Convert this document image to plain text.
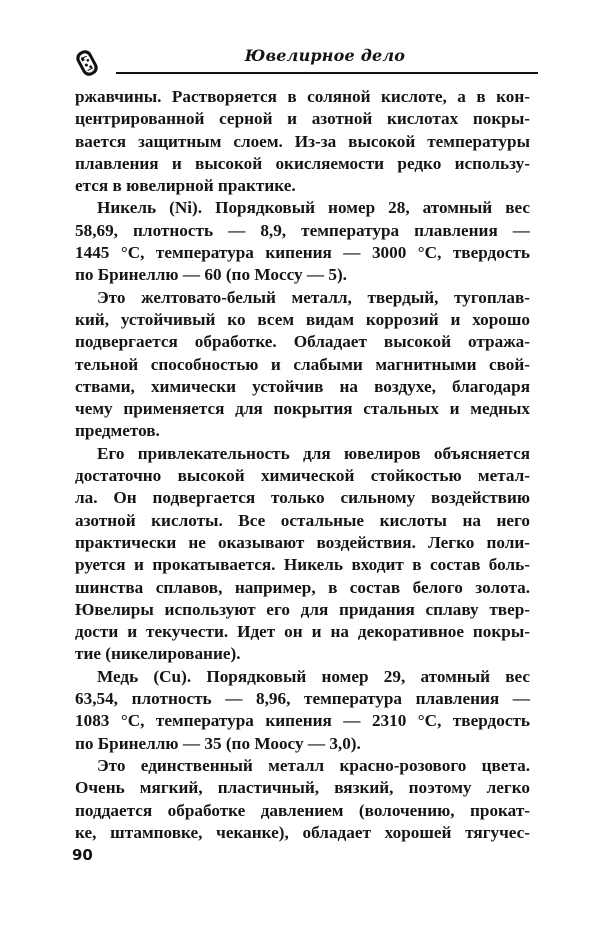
Ювелирное дело

ржавчины. Растворяется в соляной кислоте, а в кон-
центрированной серной и азотной кислотах покры-
вается защитным слоем. Из-за высокой температуры
плавления и высокой окисляемости редко использу-
ется в ювелирной практике.

Никель (Ni). Порядковый номер 28, атомный вес
58,69, плотность — 8,9, температура плавления —
1445 °С, температура кипения — 3000 °С, твердость
по Бринеллю — 60 (по Моссу — 5).

Это желтовато-белый металл, твердый, тугоплав-
кий, устойчивый ко всем видам коррозий и хорошо
подвергается обработке. Обладает высокой отража-
тельной способностью и слабыми магнитными свой-
ствами, химически устойчив на воздухе, благодаря
чему применяется для покрытия стальных и медных
предметов.

Его привлекательность для ювелиров объясняется
достаточно высокой химической стойкостью метал-
ла. Он подвергается только сильному воздействию
азотной кислоты. Все остальные кислоты на него
практически не оказывают воздействия. Легко поли-
руется и прокатывается. Никель входит в состав боль-
шинства сплавов, например, в состав белого золота.
Ювелиры используют его для придания сплаву твер-
дости и текучести. Идет он и на декоративное покры-
тие (никелирование).

Медь (Cu). Порядковый номер 29, атомный вес
63,54, плотность — 8,96, температура плавления —
1083 °С, температура кипения — 2310 °С, твердость
по Бринеллю — 35 (по Моосу — 3,0).

Это единственный металл красно-розового цвета.
Очень мягкий, пластичный, вязкий, поэтому легко
поддается обработке давлением (волочению, прокат-
ке, штамповке, чеканке), обладает хорошей тягучес-

90
